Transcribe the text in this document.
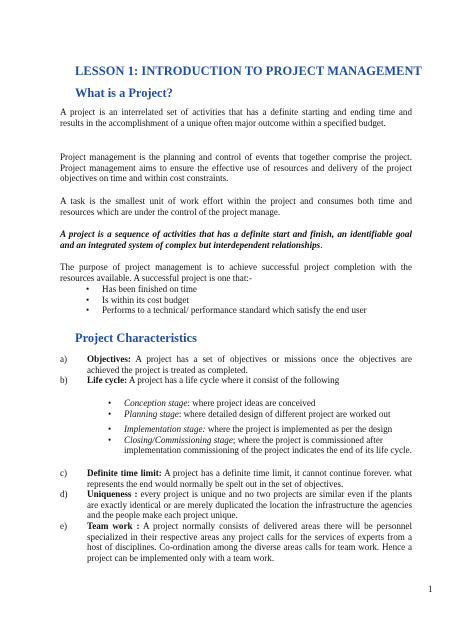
LESSON 1: INTRODUCTION TO PROJECT MANAGEMENT
What is a Project?
A project is an interrelated set of activities that has a definite starting and ending time and results in the accomplishment of a unique often major outcome within a specified budget.
Project management is the planning and control of events that together comprise the project. Project management aims to ensure the effective use of resources and delivery of the project objectives on time and within cost constraints.
A task is the smallest unit of work effort within the project and consumes both time and resources which are under the control of the project manage.
A project is a sequence of activities that has a definite start and finish, an identifiable goal and an integrated system of complex but interdependent relationships.
The purpose of project management is to achieve successful project completion with the resources available. A successful project is one that:-
• Has been finished on time
• Is within its cost budget
• Performs to a technical/ performance standard which satisfy the end user
Project Characteristics
a) Objectives: A project has a set of objectives or missions once the objectives are achieved the project is treated as completed.
b) Life cycle: A project has a life cycle where it consist of the following
• Conception stage: where project ideas are conceived
• Planning stage: where detailed design of different project are worked out
• Implementation stage: where the project is implemented as per the design
• Closing/Commissioning stage; where the project is commissioned after implementation commissioning of the project indicates the end of its life cycle.
c) Definite time limit: A project has a definite time limit, it cannot continue forever. what represents the end would normally be spelt out in the set of objectives.
d) Uniqueness : every project is unique and no two projects are similar even if the plants are exactly identical or are merely duplicated the location the infrastructure the agencies and the people make each project unique.
e) Team work : A project normally consists of delivered areas there will be personnel specialized in their respective areas any project calls for the services of experts from a host of disciplines. Co-ordination among the diverse areas calls for team work. Hence a project can be implemented only with a team work.
1
